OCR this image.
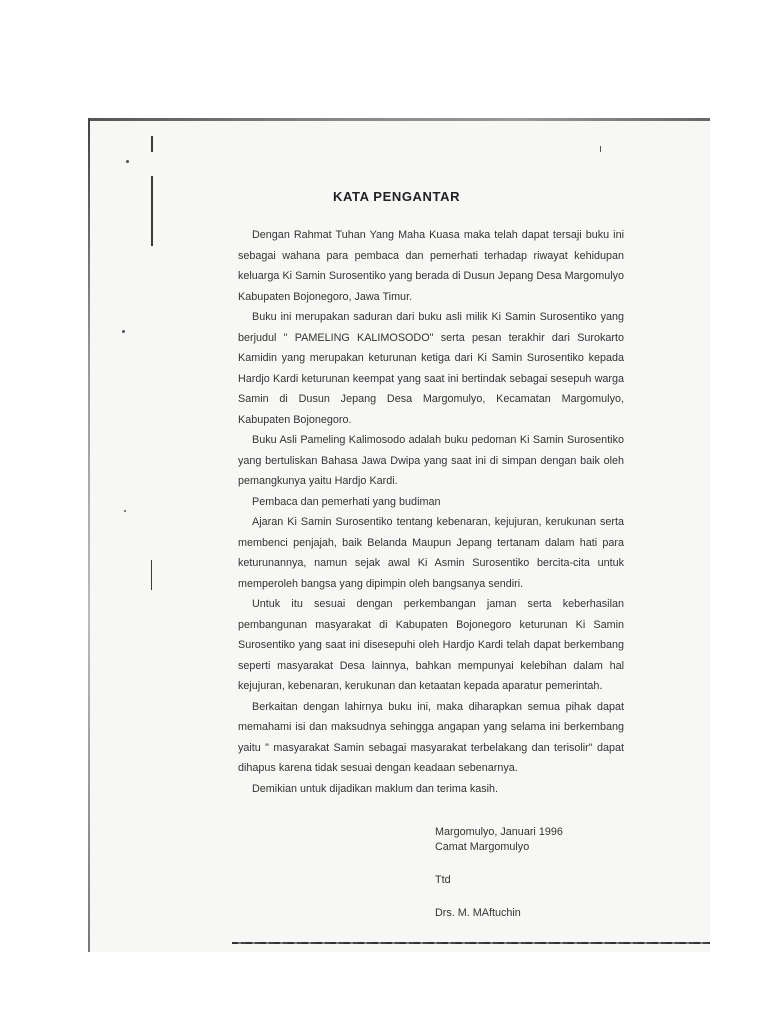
KATA PENGANTAR

Dengan Rahmat Tuhan Yang Maha Kuasa maka telah dapat tersaji buku ini sebagai wahana para pembaca dan pemerhati terhadap riwayat kehidupan keluarga Ki Samin Surosentiko yang berada di Dusun Jepang Desa Margomulyo Kabupaten Bojonegoro, Jawa Timur.

Buku ini merupakan saduran dari buku asli milik Ki Samin Surosentiko yang berjudul " PAMELING KALIMOSODO" serta pesan terakhir dari Surokarto Kamidin yang merupakan keturunan ketiga dari Ki Samin Surosentiko kepada Hardjo Kardi keturunan keempat yang saat ini bertindak sebagai sesepuh warga Samin di Dusun Jepang Desa Margomulyo, Kecamatan Margomulyo, Kabupaten Bojonegoro.

Buku Asli Pameling Kalimosodo adalah buku pedoman Ki Samin Surosentiko yang bertuliskan Bahasa Jawa Dwipa yang saat ini di simpan dengan baik oleh pemangkunya yaitu Hardjo Kardi.

Pembaca dan pemerhati yang budiman

Ajaran Ki Samin Surosentiko tentang kebenaran, kejujuran, kerukunan serta membenci penjajah, baik Belanda Maupun Jepang tertanam dalam hati para keturunannya, namun sejak awal Ki Asmin Surosentiko bercita-cita untuk memperoleh bangsa yang dipimpin oleh bangsanya sendiri.

Untuk itu sesuai dengan perkembangan jaman serta keberhasilan pembangunan masyarakat di Kabupaten Bojonegoro keturunan Ki Samin Surosentiko yang saat ini disesepuhi oleh Hardjo Kardi telah dapat berkembang seperti masyarakat Desa lainnya, bahkan mempunyai kelebihan dalam hal kejujuran, kebenaran, kerukunan dan ketaatan kepada aparatur pemerintah.

Berkaitan dengan lahirnya buku ini, maka diharapkan semua pihak dapat memahami isi dan maksudnya sehingga angapan yang selama ini berkembang yaitu " masyarakat Samin sebagai masyarakat terbelakang dan terisolir" dapat dihapus karena tidak sesuai dengan keadaan sebenarnya.

Demikian untuk dijadikan maklum dan terima kasih.

Margomulyo, Januari 1996
Camat Margomulyo
Ttd
Drs. M. MAftuchin
